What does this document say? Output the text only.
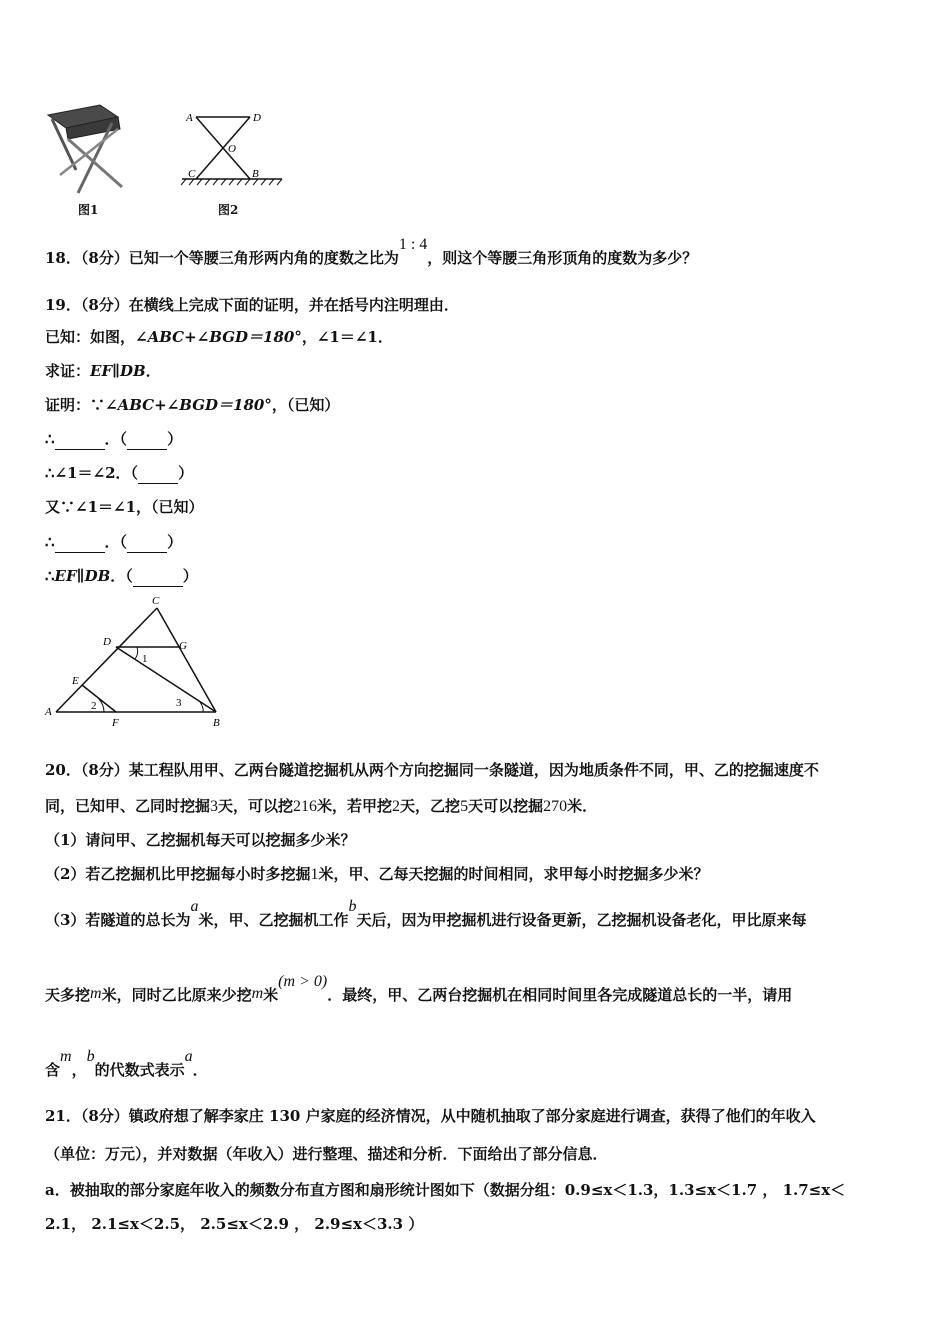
图1
A	D
O
C	B
图2
18．（8分）已知一个等腰三角形两内角的度数之比为1 : 4，则这个等腰三角形顶角的度数为多少？
19．（8分）在横线上完成下面的证明，并在括号内注明理由．
已知：如图，∠ABC+∠BGD＝180°，∠1＝∠1．
求证：EF∥DB．
证明：∵∠ABC+∠BGD＝180°，（已知）
∴	．（	）
∴∠1＝∠2．（	）
又∵∠1＝∠1，（已知）
∴	．（	）
∴EF∥DB．（	）
C
D	G
E
A
F	B
1
2	3
20．（8分）某工程队用甲、乙两台隧道挖掘机从两个方向挖掘同一条隧道，因为地质条件不同，甲、乙的挖掘速度不
同，已知甲、乙同时挖掘3天，可以挖216米，若甲挖2天，乙挖5天可以挖掘270米．
（1）请问甲、乙挖掘机每天可以挖掘多少米？
（2）若乙挖掘机比甲挖掘每小时多挖掘1米，甲、乙每天挖掘的时间相同，求甲每小时挖掘多少米？
（3）若隧道的总长为a米，甲、乙挖掘机工作b天后，因为甲挖掘机进行设备更新，乙挖掘机设备老化，甲比原来每
天多挖m米，同时乙比原来少挖m米(m > 0)．最终，甲、乙两台挖掘机在相同时间里各完成隧道总长的一半，请用
含m，b的代数式表示a．
21．（8分）镇政府想了解李家庄 130 户家庭的经济情况，从中随机抽取了部分家庭进行调查，获得了他们的年收入
（单位：万元），并对数据（年收入）进行整理、描述和分析．下面给出了部分信息．
a．被抽取的部分家庭年收入的频数分布直方图和扇形统计图如下（数据分组：0.9≤x＜1.3，1.3≤x＜1.7 ， 1.7≤x＜
2.1， 2.1≤x＜2.5， 2.5≤x＜2.9 ， 2.9≤x＜3.3 ）
